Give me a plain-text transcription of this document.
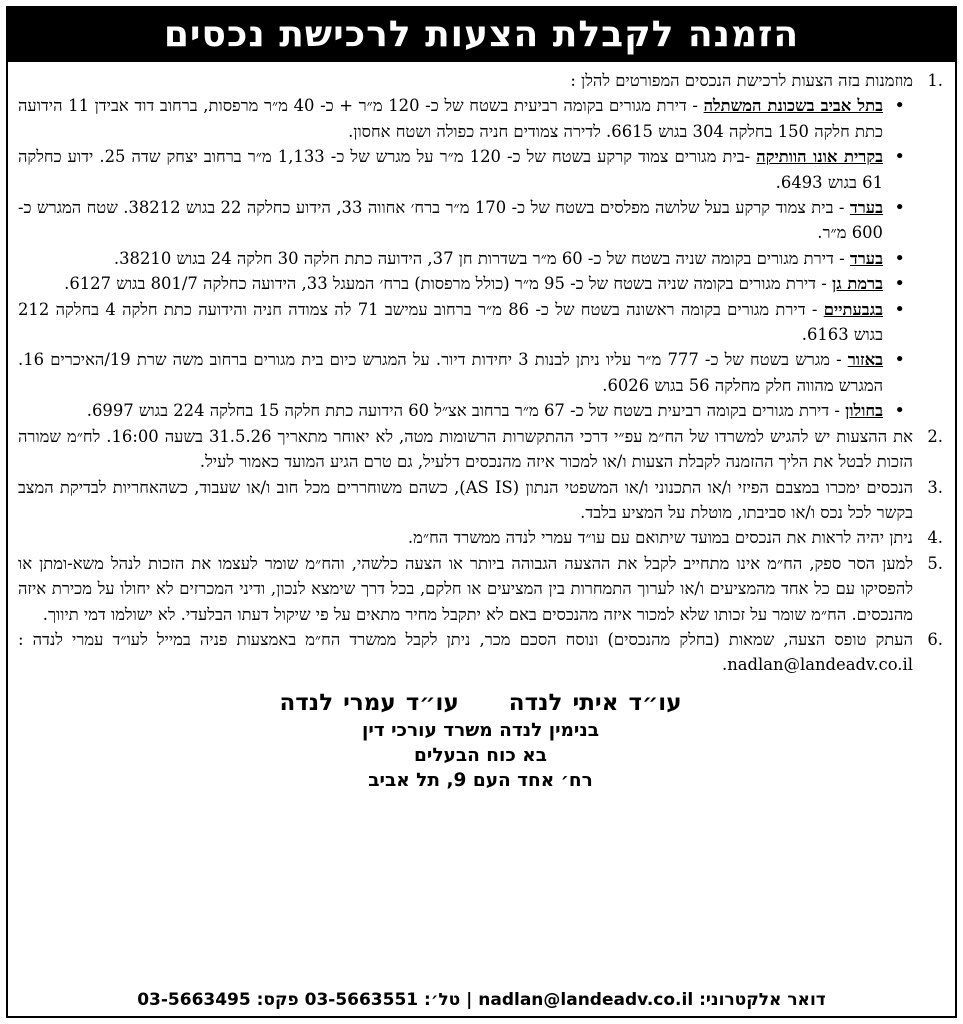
הזמנה לקבלת הצעות לרכישת נכסים
1.
מוזמנות בזה הצעות לרכישת הנכסים המפורטים להלן :
• בתל אביב בשכונת המשתלה - דירת מגורים בקומה רביעית בשטח של כ- 120 מ״ר + כ- 40 מ״ר מרפסות, ברחוב דוד אבידן 11 הידועה כתת חלקה 150 בחלקה 304 בגוש 6615. לדירה צמודים חניה כפולה ושטח אחסון.
• בקרית אונו הוותיקה -בית מגורים צמוד קרקע בשטח של כ- 120 מ״ר על מגרש של כ- 1,133 מ״ר ברחוב יצחק שדה 25. ידוע כחלקה 61 בגוש 6493.
• בערד - בית צמוד קרקע בעל שלושה מפלסים בשטח של כ- 170 מ״ר ברח׳ אחווה 33, הידוע כחלקה 22 בגוש 38212. שטח המגרש כ- 600 מ״ר.
• בערד - דירת מגורים בקומה שניה בשטח של כ- 60 מ״ר בשדרות חן 37, הידועה כתת חלקה 30 חלקה 24 בגוש 38210.
• ברמת גן - דירת מגורים בקומה שניה בשטח של כ- 95 מ״ר (כולל מרפסות) ברח׳ המעגל 33, הידועה כחלקה 801/7 בגוש 6127.
• בגבעתיים - דירת מגורים בקומה ראשונה בשטח של כ- 86 מ״ר ברחוב עמישב 71 לה צמודה חניה והידועה כתת חלקה 4 בחלקה 212 בגוש 6163.
• באזור - מגרש בשטח של כ- 777 מ״ר עליו ניתן לבנות 3 יחידות דיור. על המגרש כיום בית מגורים ברחוב משה שרת 19/האיכרים 16. המגרש מהווה חלק מחלקה 56 בגוש 6026.
• בחולון - דירת מגורים בקומה רביעית בשטח של כ- 67 מ״ר ברחוב אצ״ל 60 הידועה כתת חלקה 15 בחלקה 224 בגוש 6997.
2.
את ההצעות יש להגיש למשרדו של הח״מ עפ״י דרכי ההתקשרות הרשומות מטה, לא יאוחר מתאריך 31.5.26 בשעה 16:00. לח״מ שמורה הזכות לבטל את הליך ההזמנה לקבלת הצעות ו/או למכור איזה מהנכסים דלעיל, גם טרם הגיע המועד כאמור לעיל.
3.
הנכסים ימכרו במצבם הפיזי ו/או התכנוני ו/או המשפטי הנתון (AS IS), כשהם משוחררים מכל חוב ו/או שעבוד, כשהאחריות לבדיקת המצב בקשר לכל נכס ו/או סביבתו, מוטלת על המציע בלבד.
4.
ניתן יהיה לראות את הנכסים במועד שיתואם עם עו״ד עמרי לנדה ממשרד הח״מ.
5.
למען הסר ספק, הח״מ אינו מתחייב לקבל את ההצעה הגבוהה ביותר או הצעה כלשהי, והח״מ שומר לעצמו את הזכות לנהל משא-ומתן או להפסיקו עם כל אחד מהמציעים ו/או לערוך התמחרות בין המציעים או חלקם, בכל דרך שימצא לנכון, ודיני המכרזים לא יחולו על מכירת איזה מהנכסים. הח״מ שומר על זכותו שלא למכור איזה מהנכסים באם לא יתקבל מחיר מתאים על פי שיקול דעתו הבלעדי. לא ישולמו דמי תיווך.
6.
העתק טופס הצעה, שמאות (בחלק מהנכסים) ונוסח הסכם מכר, ניתן לקבל ממשרד הח״מ באמצעות פניה במייל לעו״ד עמרי לנדה : nadlan@landeadv.co.il.
עו״ד איתי לנדהעו״ד עמרי לנדה
בנימין לנדה משרד עורכי דין
בא כוח הבעלים
רח׳ אחד העם 9, תל אביב
דואר אלקטרוני: nadlan@landeadv.co.il | טל׳: 03-5663551 פקס: 03-5663495
